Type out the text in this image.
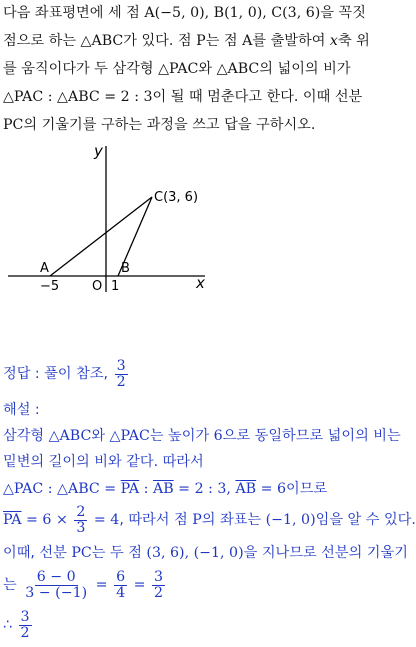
다음 좌표평면에 세 점 A(−5, 0), B(1, 0), C(3, 6)을 꼭짓
점으로 하는 △ABC가 있다. 점 P는 점 A를 출발하여 x축 위
를 움직이다가 두 삼각형 △PAC와 △ABC의 넓이의 비가
△PAC : △ABC = 2 : 3이 될 때 멈춘다고 한다. 이때 선분
PC의 기울기를 구하는 과정을 쓰고 답을 구하시오.
y
x
C(3, 6)
A	B
O
−5	1
정답 : 풀이 참조, $\frac{3}{2}$
해설 :
삼각형 △ABC와 △PAC는 높이가 6으로 동일하므로 넓이의 비는
밑변의 길이의 비와 같다. 따라서
△PAC : △ABC = $\overline{PA}$ : $\overline{AB} = 2$ : 3, $\overline{AB} = 6$이므로
$\overline{PA} = 6 \times \frac{2}{3} = 4$, 따라서 점 P의 좌표는 (−1, 0)임을 알 수 있다.
이때, 선분 PC는 두 점 (3, 6), (−1, 0)을 지나므로 선분의 기울기
는 $\frac{6 - 0}{3 - (-1)} = \frac{6}{4} = \frac{3}{2}$
∴ $\frac{3}{2}$
